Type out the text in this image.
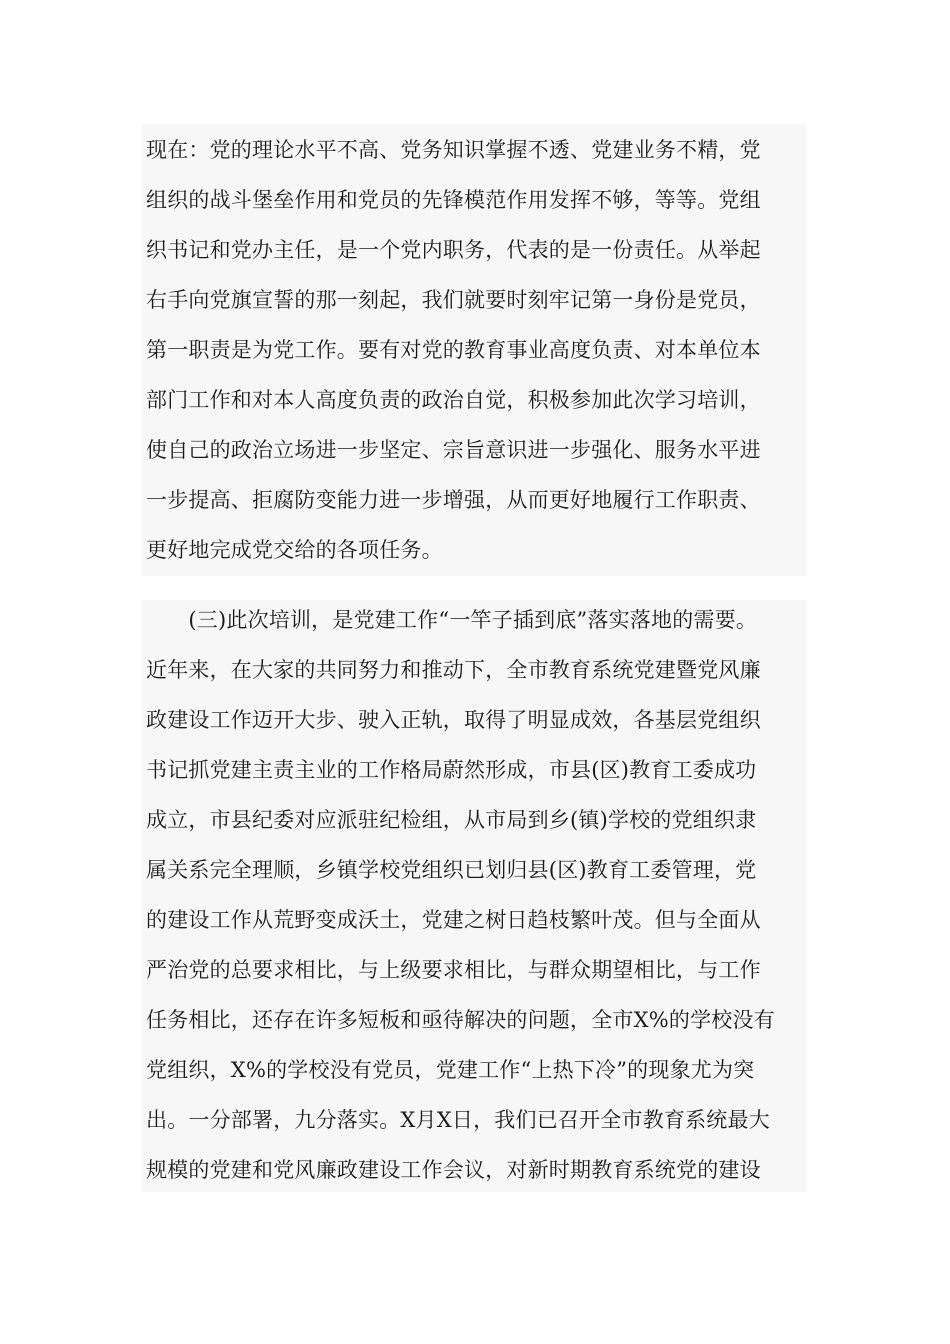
现在：党的理论水平不高、党务知识掌握不透、党建业务不精，党
组织的战斗堡垒作用和党员的先锋模范作用发挥不够，等等。党组
织书记和党办主任，是一个党内职务，代表的是一份责任。从举起
右手向党旗宣誓的那一刻起，我们就要时刻牢记第一身份是党员，
第一职责是为党工作。要有对党的教育事业高度负责、对本单位本
部门工作和对本人高度负责的政治自觉，积极参加此次学习培训，
使自己的政治立场进一步坚定、宗旨意识进一步强化、服务水平进
一步提高、拒腐防变能力进一步增强，从而更好地履行工作职责、
更好地完成党交给的各项任务。
　　(三)此次培训，是党建工作“一竿子插到底”落实落地的需要。
近年来，在大家的共同努力和推动下，全市教育系统党建暨党风廉
政建设工作迈开大步、驶入正轨，取得了明显成效，各基层党组织
书记抓党建主责主业的工作格局蔚然形成，市县(区)教育工委成功
成立，市县纪委对应派驻纪检组，从市局到乡(镇)学校的党组织隶
属关系完全理顺，乡镇学校党组织已划归县(区)教育工委管理，党
的建设工作从荒野变成沃土，党建之树日趋枝繁叶茂。但与全面从
严治党的总要求相比，与上级要求相比，与群众期望相比，与工作
任务相比，还存在许多短板和亟待解决的问题，全市X%的学校没有
党组织，X%的学校没有党员，党建工作“上热下冷”的现象尤为突
出。一分部署，九分落实。X月X日，我们已召开全市教育系统最大
规模的党建和党风廉政建设工作会议，对新时期教育系统党的建设
